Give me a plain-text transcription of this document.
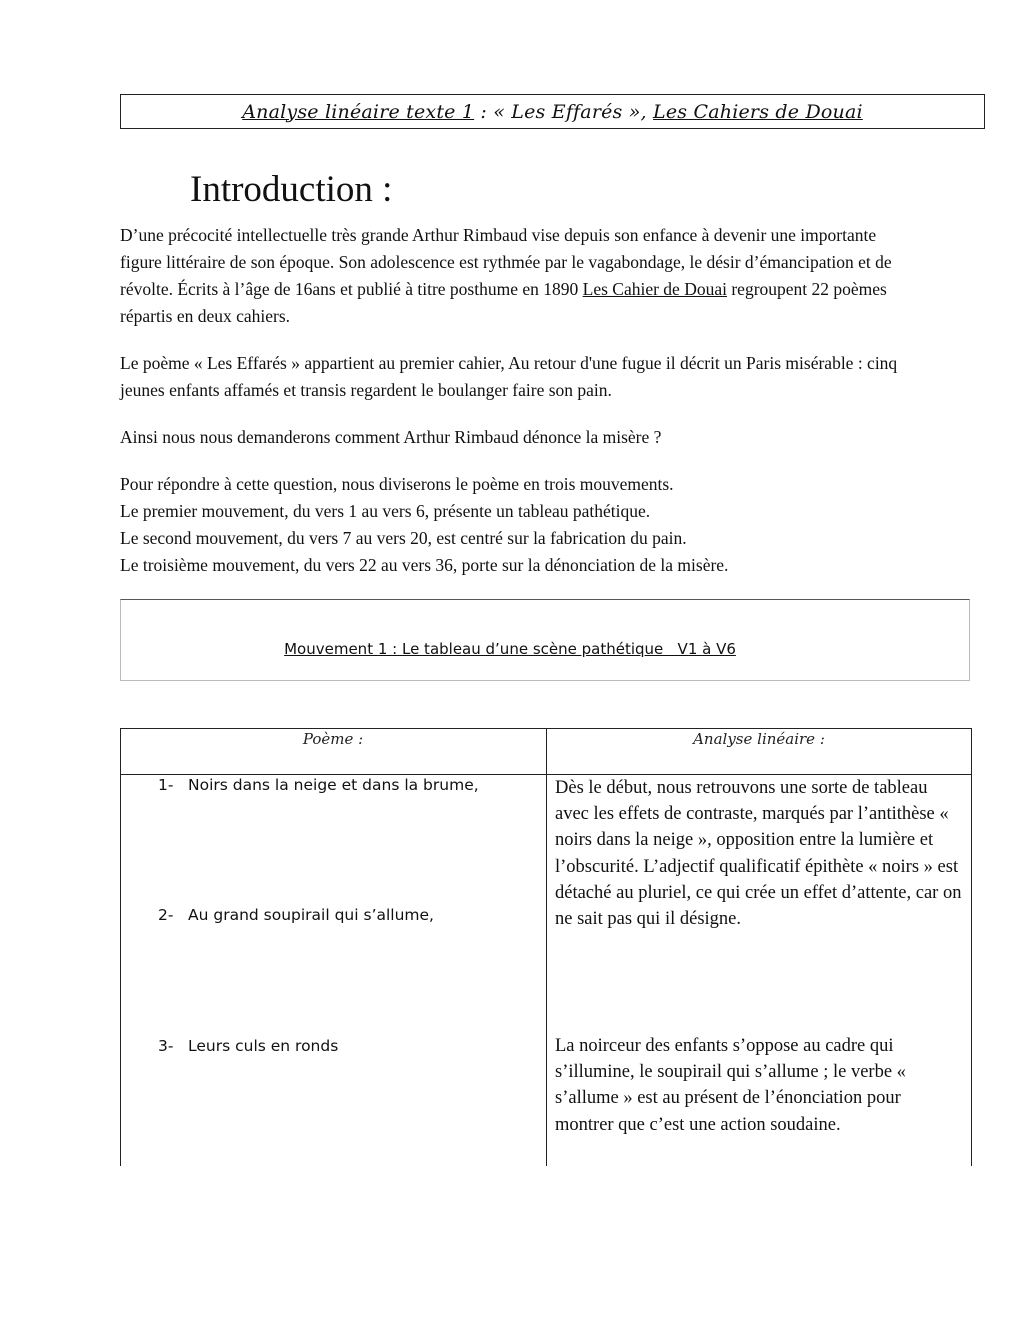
Analyse linéaire texte 1 : « Les Effarés », Les Cahiers de Douai
Introduction :

D’une précocité intellectuelle très grande Arthur Rimbaud vise depuis son enfance à devenir une importante figure littéraire de son époque. Son adolescence est rythmée par le vagabondage, le désir d’émancipation et de révolte. Écrits à l’âge de 16ans et publié à titre posthume en 1890 Les Cahier de Douai regroupent 22 poèmes répartis en deux cahiers.

Le poème « Les Effarés » appartient au premier cahier, Au retour d'une fugue il décrit un Paris misérable : cinq jeunes enfants affamés et transis regardent le boulanger faire son pain.

Ainsi nous nous demanderons comment Arthur Rimbaud dénonce la misère ?

Pour répondre à cette question, nous diviserons le poème en trois mouvements.
Le premier mouvement, du vers 1 au vers 6, présente un tableau pathétique.
Le second mouvement, du vers 7 au vers 20, est centré sur la fabrication du pain.
Le troisième mouvement, du vers 22 au vers 36, porte sur la dénonciation de la misère.
Mouvement 1 : Le tableau d’une scène pathétique   V1 à V6
Poème :	Analyse linéaire :
1- Noirs dans la neige et dans la brume,
2- Au grand soupirail qui s’allume,
3- Leurs culs en ronds

Dès le début, nous retrouvons une sorte de tableau avec les effets de contraste, marqués par l’antithèse « noirs dans la neige », opposition entre la lumière et l’obscurité. L’adjectif qualificatif épithète « noirs » est détaché au pluriel, ce qui crée un effet d’attente, car on ne sait pas qui il désigne.

La noirceur des enfants s’oppose au cadre qui s’illumine, le soupirail qui s’allume ; le verbe « s’allume » est au présent de l’énonciation pour montrer que c’est une action soudaine.
